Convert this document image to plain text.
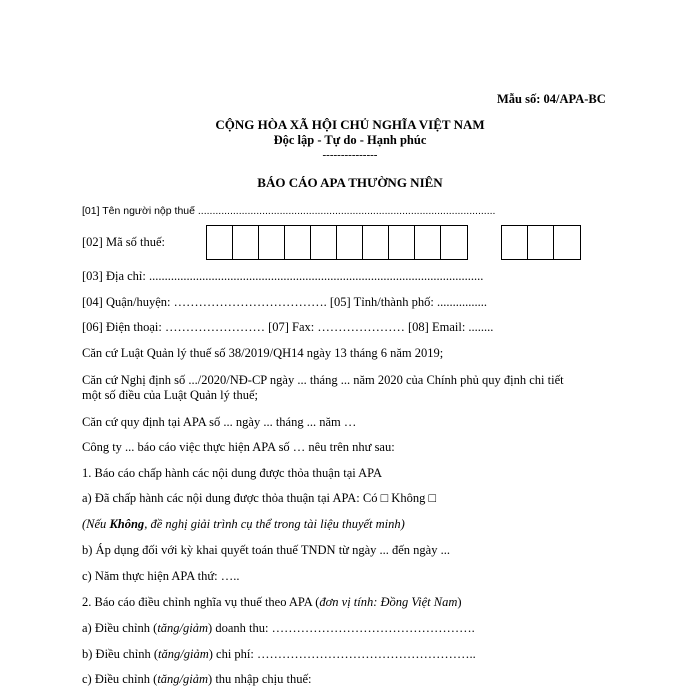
Mẫu số: 04/APA-BC
CỘNG HÒA XÃ HỘI CHỦ NGHĨA VIỆT NAM
Độc lập - Tự do - Hạnh phúc
---------------
BÁO CÁO APA THƯỜNG NIÊN
[01] Tên người nộp thuế ......................................................................................................
[02] Mã số thuế:
[03] Địa chỉ: ...........................................................................................................
[04] Quận/huyện: ………………………………. [05] Tỉnh/thành phố: ................
[06] Điện thoại: …………………… [07] Fax: ………………… [08] Email: ........
Căn cứ Luật Quản lý thuế số 38/2019/QH14 ngày 13 tháng 6 năm 2019;
Căn cứ Nghị định số .../2020/NĐ-CP ngày ... tháng ... năm 2020 của Chính phủ quy định chi tiết
một số điều của Luật Quản lý thuế;
Căn cứ quy định tại APA số ... ngày ... tháng ... năm …
Công ty ... báo cáo việc thực hiện APA số … nêu trên như sau:
1. Báo cáo chấp hành các nội dung được thỏa thuận tại APA
a) Đã chấp hành các nội dung được thỏa thuận tại APA: Có □ Không □
(Nếu Không, đề nghị giải trình cụ thể trong tài liệu thuyết minh)
b) Áp dụng đối với kỳ khai quyết toán thuế TNDN từ ngày ... đến ngày ...
c) Năm thực hiện APA thứ: …..
2. Báo cáo điều chỉnh nghĩa vụ thuế theo APA (đơn vị tính: Đồng Việt Nam)
a) Điều chỉnh (tăng/giảm) doanh thu: ………………………………………….
b) Điều chỉnh (tăng/giảm) chi phí: ……………………………………………..
c) Điều chỉnh (tăng/giảm) thu nhập chịu thuế:
